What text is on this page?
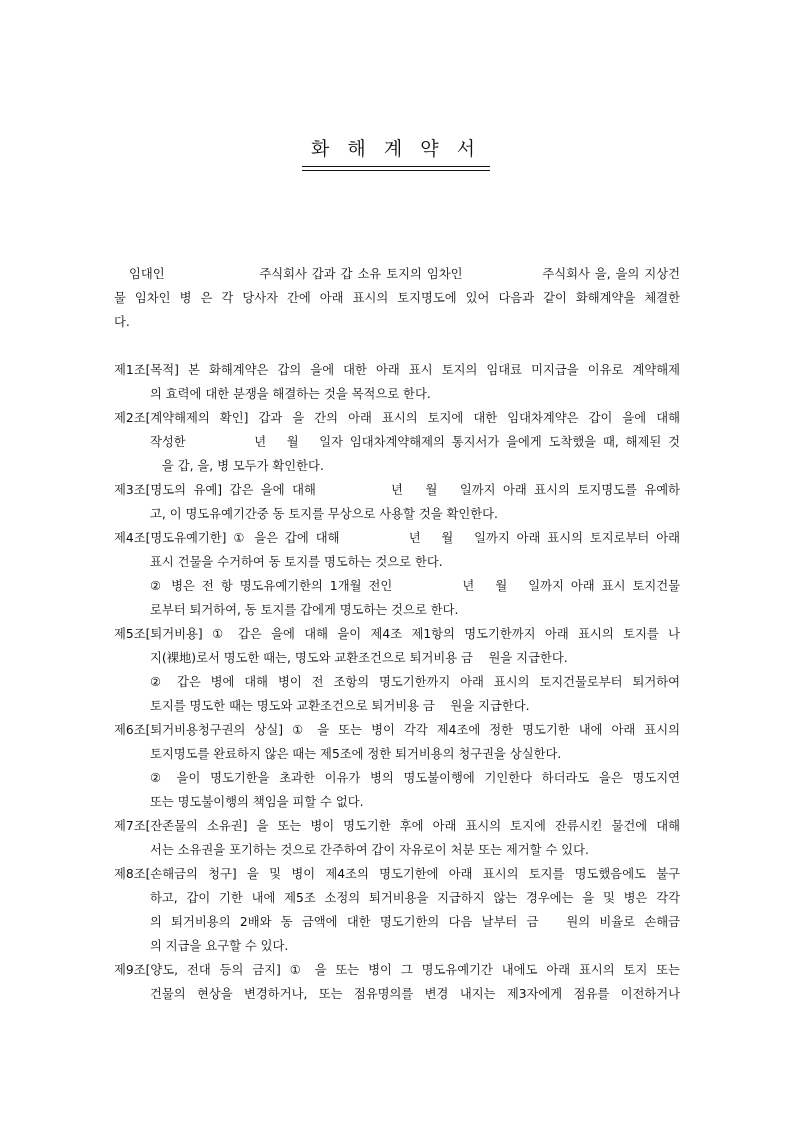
화 해 계 약 서
임대인                   주식회사 갑과 갑 소유 토지의 임차인                주식회사 을, 을의 지상건
물 임차인 병 은 각 당사자 간에 아래 표시의 토지명도에 있어 다음과 같이 화해계약을 체결한
다.
제1조[목적] 본 화해계약은 갑의 을에 대한 아래 표시 토지의 임대료 미지급을 이유로 계약해제
의 효력에 대한 분쟁을 해결하는 것을 목적으로 한다.
제2조[계약해제의 확인] 갑과 을 간의 아래 표시의 토지에 대한 임대차계약은 갑이 을에 대해
작성한          년   월   일자 임대차계약해제의 통지서가 을에게 도착했을 때, 해제된 것
을 갑, 을, 병 모두가 확인한다.
제3조[명도의 유예] 갑은 을에 대해          년   월   일까지 아래 표시의 토지명도를 유예하
고, 이 명도유예기간중 동 토지를 무상으로 사용할 것을 확인한다.
제4조[명도유예기한] ① 을은 갑에 대해          년   월   일까지 아래 표시의 토지로부터 아래
표시 건물을 수거하여 동 토지를 명도하는 것으로 한다.
② 병은 전 항 명도유예기한의 1개월 전인          년   월   일까지 아래 표시 토지건물
로부터 퇴거하여, 동 토지를 갑에게 명도하는 것으로 한다.
제5조[퇴거비용] ① 갑은 을에 대해 을이 제4조 제1항의 명도기한까지 아래 표시의 토지를 나
지(裸地)로서 명도한 때는, 명도와 교환조건으로 퇴거비용 금    원을 지급한다.
② 갑은 병에 대해 병이 전 조항의 명도기한까지 아래 표시의 토지건물로부터 퇴거하여
토지를 명도한 때는 명도와 교환조건으로 퇴거비용 금    원을 지급한다.
제6조[퇴거비용청구권의 상실] ① 을 또는 병이 각각 제4조에 정한 명도기한 내에 아래 표시의
토지명도를 완료하지 않은 때는 제5조에 정한 퇴거비용의 청구권을 상실한다.
② 을이 명도기한을 초과한 이유가 병의 명도불이행에 기인한다 하더라도 을은 명도지연
또는 명도불이행의 책임을 피할 수 없다.
제7조[잔존물의 소유권] 을 또는 병이 명도기한 후에 아래 표시의 토지에 잔류시킨 물건에 대해
서는 소유권을 포기하는 것으로 간주하여 갑이 자유로이 처분 또는 제거할 수 있다.
제8조[손해금의 청구] 을 및 병이 제4조의 명도기한에 아래 표시의 토지를 명도했음에도 불구
하고, 갑이 기한 내에 제5조 소정의 퇴거비용을 지급하지 않는 경우에는 을 및 병은 각각
의 퇴거비용의 2배와 동 금액에 대한 명도기한의 다음 날부터 금   원의 비율로 손해금
의 지급을 요구할 수 있다.
제9조[양도, 전대 등의 금지] ① 을 또는 병이 그 명도유예기간 내에도 아래 표시의 토지 또는
건물의 현상을 변경하거나, 또는 점유명의를 변경 내지는 제3자에게 점유를 이전하거나
